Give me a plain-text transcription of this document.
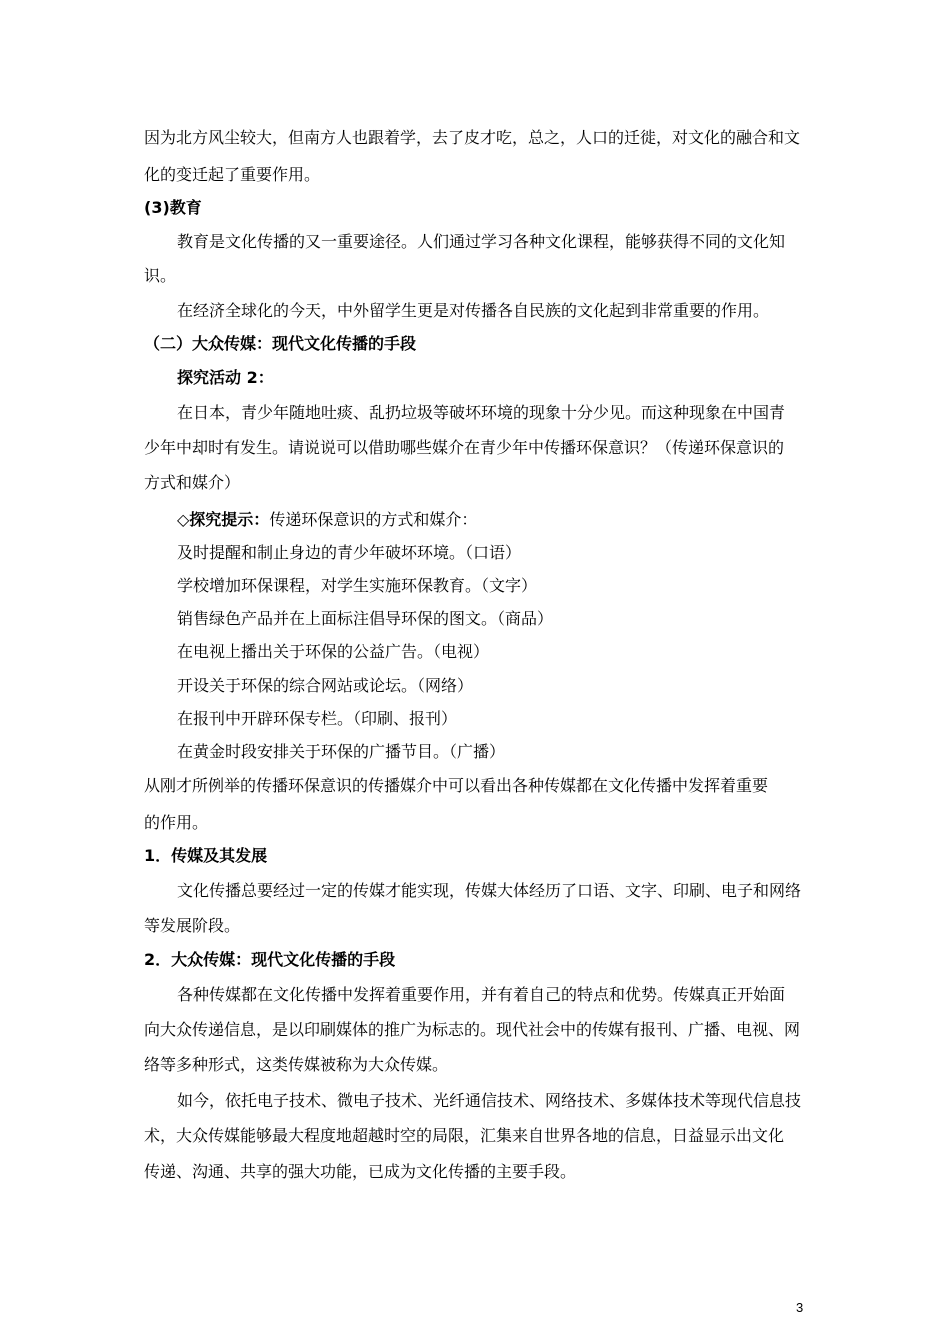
因为北方风尘较大，但南方人也跟着学，去了皮才吃，总之，人口的迁徙，对文化的融合和文
化的变迁起了重要作用。
(3)教育
教育是文化传播的又一重要途径。人们通过学习各种文化课程，能够获得不同的文化知
识。
在经济全球化的今天，中外留学生更是对传播各自民族的文化起到非常重要的作用。
（二）大众传媒：现代文化传播的手段
探究活动 2：
在日本，青少年随地吐痰、乱扔垃圾等破坏环境的现象十分少见。而这种现象在中国青
少年中却时有发生。请说说可以借助哪些媒介在青少年中传播环保意识？（传递环保意识的
方式和媒介）
◇探究提示：传递环保意识的方式和媒介：
及时提醒和制止身边的青少年破坏环境。（口语）
学校增加环保课程，对学生实施环保教育。（文字）
销售绿色产品并在上面标注倡导环保的图文。（商品）
在电视上播出关于环保的公益广告。（电视）
开设关于环保的综合网站或论坛。（网络）
在报刊中开辟环保专栏。（印刷、报刊）
在黄金时段安排关于环保的广播节目。（广播）
从刚才所例举的传播环保意识的传播媒介中可以看出各种传媒都在文化传播中发挥着重要
的作用。
1．传媒及其发展
文化传播总要经过一定的传媒才能实现，传媒大体经历了口语、文字、印刷、电子和网络
等发展阶段。
2．大众传媒：现代文化传播的手段
各种传媒都在文化传播中发挥着重要作用，并有着自己的特点和优势。传媒真正开始面
向大众传递信息，是以印刷媒体的推广为标志的。现代社会中的传媒有报刊、广播、电视、网
络等多种形式，这类传媒被称为大众传媒。
如今，依托电子技术、微电子技术、光纤通信技术、网络技术、多媒体技术等现代信息技
术，大众传媒能够最大程度地超越时空的局限，汇集来自世界各地的信息，日益显示出文化
传递、沟通、共享的强大功能，已成为文化传播的主要手段。
3
